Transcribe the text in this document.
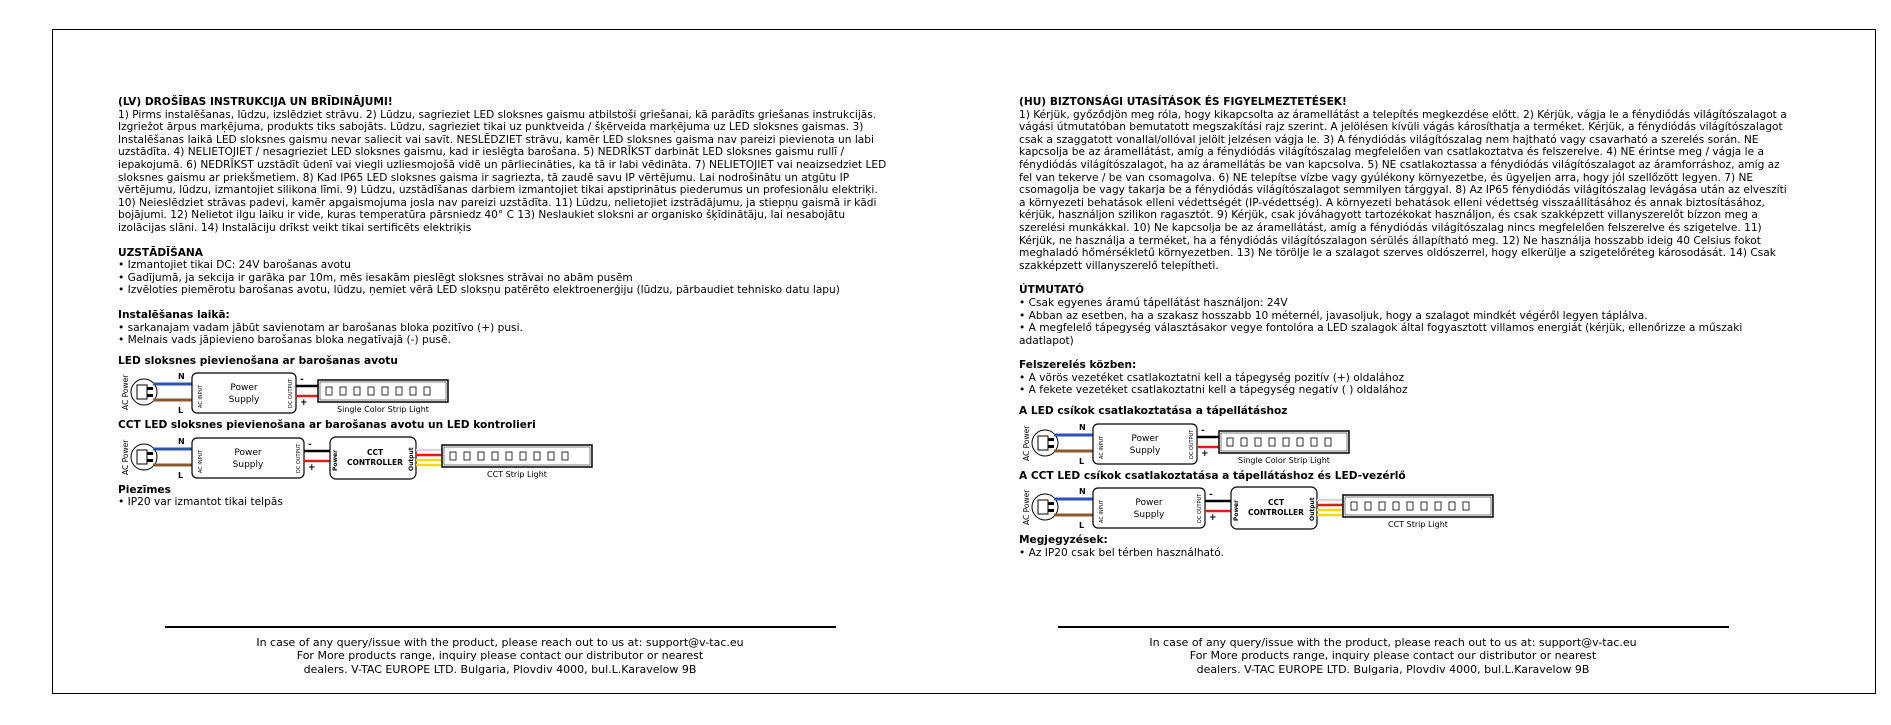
(LV) DROŠĪBAS INSTRUKCIJA UN BRĪDINĀJUMI!

1) Pirms instalēšanas, lūdzu, izslēdziet strāvu. 2) Lūdzu, sagrieziet LED sloksnes gaismu atbilstoši griešanai, kā parādīts griešanas instrukcijās. Izgriežot ārpus marķējuma, produkts tiks sabojāts. Lūdzu, sagrieziet tikai uz punktveida / šķērveida marķējuma uz LED sloksnes gaismas. 3) Instalēšanas laikā LED sloksnes gaismu nevar saliecit vai savīt. NESLĒDZIET strāvu, kamēr LED sloksnes gaisma nav pareizi pievienota un labi uzstādīta. 4) NELIETOJIET / nesagrieziet LED sloksnes gaismu, kad ir ieslēgta barošana. 5) NEDRĪKST darbināt LED sloksnes gaismu rullī / iepakojumā. 6) NEDRĪKST uzstādīt ūdenī vai viegli uzliesmojošā vidē un pārliecināties, ka tā ir labi vēdināta. 7) NELIETOJIET vai neaizsedziet LED sloksnes gaismu ar priekšmetiem. 8) Kad IP65 LED sloksnes gaisma ir sagriezta, tā zaudē savu IP vērtējumu. Lai nodrošinātu un atgūtu IP vērtējumu, lūdzu, izmantojiet silikona līmi. 9) Lūdzu, uzstādīšanas darbiem izmantojiet tikai apstiprinātus piederumus un profesionālu elektriķi. 10) Neieslēdziet strāvas padevi, kamēr apgaismojuma josla nav pareizi uzstādīta. 11) Lūdzu, nelietojiet izstrādājumu, ja stiepņu gaismā ir kādi bojājumi. 12) Nelietot ilgu laiku ir vide, kuras temperatūra pārsniedz 40° C 13) Neslaukiet sloksni ar organisko šķīdinātāju, lai nesabojātu izolācijas slāni. 14) Instalāciju drīkst veikt tikai sertificēts elektriķis

UZSTĀDĪŠANA

• Izmantojiet tikai DC: 24V barošanas avotu

• Gadījumā, ja sekcija ir garāka par 10m, mēs iesakām pieslēgt sloksnes strāvai no abām pusēm

• Izvēloties piemērotu barošanas avotu, lūdzu, ņemiet vērā LED sloksņu patērēto elektroenerģiju (lūdzu, pārbaudiet tehnisko datu lapu)

Instalēšanas laikā:

• sarkanajam vadam jābūt savienotam ar barošanas bloka pozitīvo (+) pusi.

• Melnais vads jāpievieno barošanas bloka negatīvajā (-) pusē.

LED sloksnes pievienošana ar barošanas avotu

AC Power	N
L
AC INPUT	DC OUTPUT
Power
Supply
-
+
Single Color Strip Light

CCT LED sloksnes pievienošana ar barošanas avotu un LED kontrolieri

AC Power	N
L
AC INPUT	DC OUTPUT
Power
Supply
-
+	Power	Output
CCT
CONTROLLER
CCT Strip Light

Piezīmes

• IP20 var izmantot tikai telpās

(HU) BIZTONSÁGI UTASÍTÁSOK ÉS FIGYELMEZTETÉSEK!

1) Kérjük, győződjön meg róla, hogy kikapcsolta az áramellátást a telepítés megkezdése előtt. 2) Kérjük, vágja le a fénydiódás világítószalagot a vágási útmutatóban bemutatott megszakítási rajz szerint. A jelölésen kívüli vágás károsíthatja a terméket. Kérjük, a fénydiódás világítószalagot csak a szaggatott vonallal/ollóval jelölt jelzésen vágja le. 3) A fénydiódás világítószalag nem hajtható vagy csavarható a szerelés során. NE kapcsolja be az áramellátást, amíg a fénydiódás világítószalag megfelelően van csatlakoztatva és felszerelve. 4) NE érintse meg / vágja le a fénydiódás világítószalagot, ha az áramellátás be van kapcsolva. 5) NE csatlakoztassa a fénydiódás világítószalagot az áramforráshoz, amíg az fel van tekerve / be van csomagolva. 6) NE telepítse vízbe vagy gyúlékony környezetbe, és ügyeljen arra, hogy jól szellőzött legyen. 7) NE csomagolja be vagy takarja be a fénydiódás világítószalagot semmilyen tárggyal. 8) Az IP65 fénydiódás világítószalag levágása után az elveszíti a környezeti behatások elleni védettségét (IP-védettség). A környezeti behatások elleni védettség visszaállításához és annak biztosításához, kérjük, használjon szilikon ragasztót. 9) Kérjük, csak jóváhagyott tartozékokat használjon, és csak szakképzett villanyszerelőt bízzon meg a szerelési munkákkal. 10) Ne kapcsolja be az áramellátást, amíg a fénydiódás világítószalag nincs megfelelően felszerelve és szigetelve. 11) Kérjük, ne használja a terméket, ha a fénydiódás világítószalagon sérülés állapítható meg. 12) Ne használja hosszabb ideig 40 Celsius fokot meghaladó hőmérsékletű környezetben. 13) Ne törölje le a szalagot szerves oldószerrel, hogy elkerülje a szigetelőréteg károsodását. 14) Csak szakképzett villanyszerelő telepítheti.

ÚTMUTATÓ

• Csak egyenes áramú tápellátást használjon: 24V

• Abban az esetben, ha a szakasz hosszabb 10 méternél, javasoljuk, hogy a szalagot mindkét végéről legyen táplálva.

• A megfelelő tápegység választásakor vegye fontolóra a LED szalagok által fogyasztott villamos energiát (kérjük, ellenőrizze a műszaki adatlapot)

Felszerelés közben:

• A vörös vezetéket csatlakoztatni kell a tápegység pozitív (+) oldalához

• A fekete vezetéket csatlakoztatni kell a tápegység negatív ( ) oldalához

A LED csíkok csatlakoztatása a tápellátáshoz

AC Power	N
L
AC INPUT	DC OUTPUT
Power
Supply
-
+
Single Color Strip Light

A CCT LED csíkok csatlakoztatása a tápellátáshoz és LED-vezérlő

AC Power	N
L
AC INPUT	DC OUTPUT
Power
Supply
-
+	Power	Output
CCT
CONTROLLER
CCT Strip Light

Megjegyzések:

• Az IP20 csak bel térben használható.

In case of any query/issue with the product, please reach out to us at: support@v-tac.eu

For More products range, inquiry please contact our distributor or nearest

dealers. V-TAC EUROPE LTD. Bulgaria, Plovdiv 4000, bul.L.Karavelow 9B

In case of any query/issue with the product, please reach out to us at: support@v-tac.eu

For More products range, inquiry please contact our distributor or nearest

dealers. V-TAC EUROPE LTD. Bulgaria, Plovdiv 4000, bul.L.Karavelow 9B
